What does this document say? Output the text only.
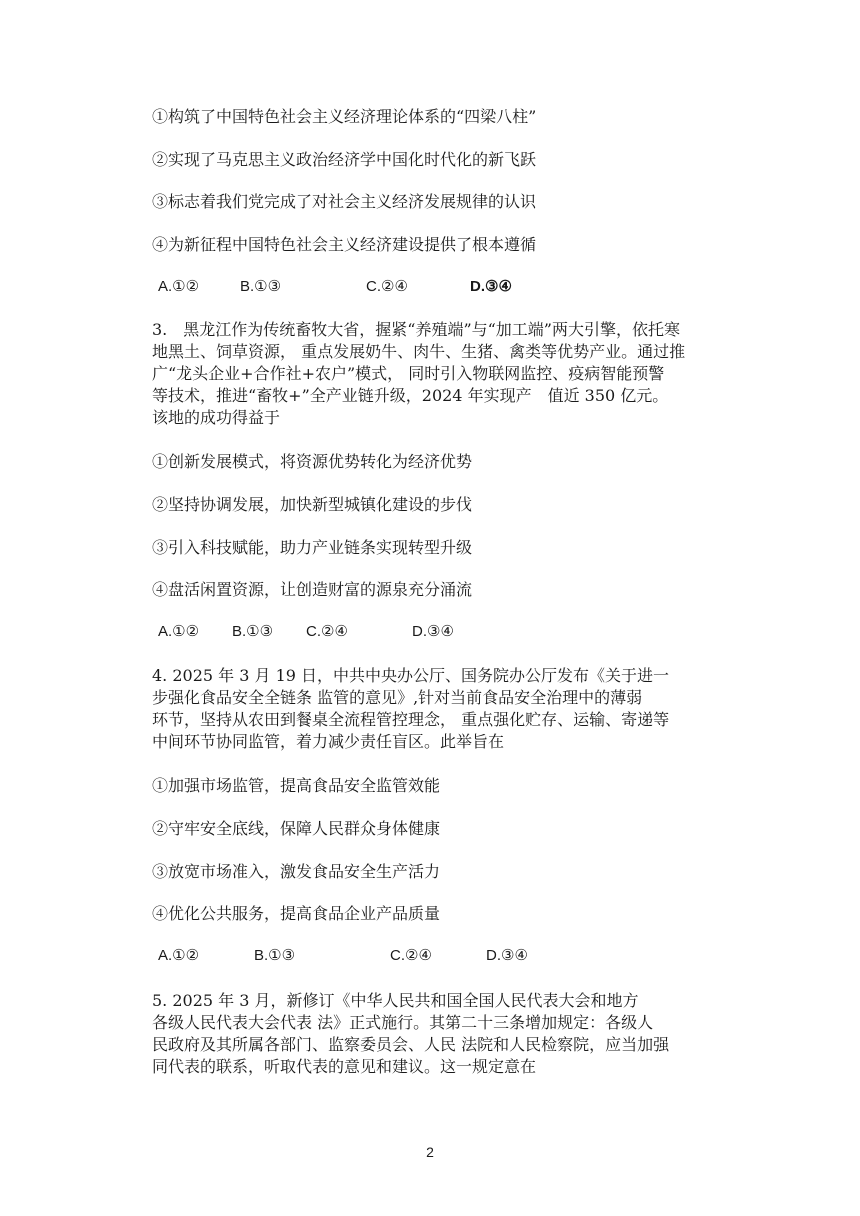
①构筑了中国特色社会主义经济理论体系的“四梁八柱”
②实现了马克思主义政治经济学中国化时代化的新飞跃
③标志着我们党完成了对社会主义经济发展规律的认识
④为新征程中国特色社会主义经济建设提供了根本遵循
A.①②	B.①③	C.②④	D.③④
3.　黑龙江作为传统畜牧大省，握紧“养殖端”与“加工端”两大引擎，依托寒
地黑土、饲草资源， 重点发展奶牛、肉牛、生猪、禽类等优势产业。通过推
广“龙头企业+合作社+农户”模式， 同时引入物联网监控、疫病智能预警
等技术，推进“畜牧+”全产业链升级，2024 年实现产　值近 350 亿元。
该地的成功得益于
①创新发展模式，将资源优势转化为经济优势
②坚持协调发展，加快新型城镇化建设的步伐
③引入科技赋能，助力产业链条实现转型升级
④盘活闲置资源，让创造财富的源泉充分涌流
A.①② B.①③ C.②④	D.③④
4. 2025 年 3 月 19 日，中共中央办公厅、国务院办公厅发布《关于进一
步强化食品安全全链条 监管的意见》,针对当前食品安全治理中的薄弱
环节，坚持从农田到餐桌全流程管控理念， 重点强化贮存、运输、寄递等
中间环节协同监管，着力减少责任盲区。此举旨在
①加强市场监管，提高食品安全监管效能
②守牢安全底线，保障人民群众身体健康
③放宽市场准入，激发食品安全生产活力
④优化公共服务，提高食品企业产品质量
A.①②	B.①③	C.②④	D.③④
5. 2025 年 3 月，新修订《中华人民共和国全国人民代表大会和地方
各级人民代表大会代表 法》正式施行。其第二十三条增加规定：各级人
民政府及其所属各部门、监察委员会、人民 法院和人民检察院，应当加强
同代表的联系，听取代表的意见和建议。这一规定意在
2
